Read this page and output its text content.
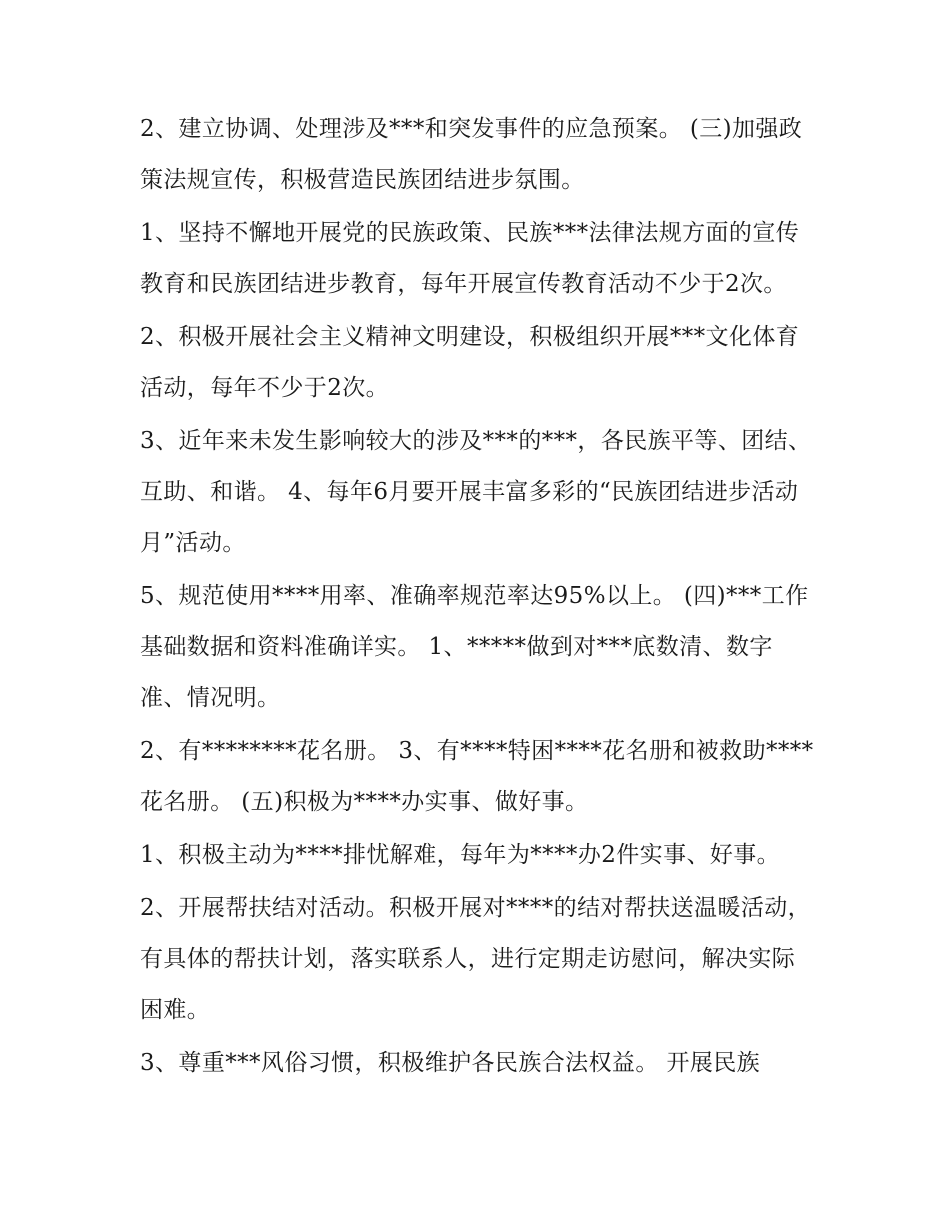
2、建立协调、处理涉及***和突发事件的应急预案。 (三)加强政策法规宣传，积极营造民族团结进步氛围。

1、坚持不懈地开展党的民族政策、民族***法律法规方面的宣传教育和民族团结进步教育，每年开展宣传教育活动不少于2次。

2、积极开展社会主义精神文明建设，积极组织开展***文化体育活动，每年不少于2次。

3、近年来未发生影响较大的涉及***的***，各民族平等、团结、互助、和谐。 4、每年6月要开展丰富多彩的“民族团结进步活动月”活动。

5、规范使用****用率、准确率规范率达95%以上。 (四)***工作基础数据和资料准确详实。 1、*****做到对***底数清、数字准、情况明。

2、有********花名册。 3、有****特困****花名册和被救助****花名册。 (五)积极为****办实事、做好事。

1、积极主动为****排忧解难，每年为****办2件实事、好事。

2、开展帮扶结对活动。积极开展对****的结对帮扶送温暖活动，有具体的帮扶计划，落实联系人，进行定期走访慰问，解决实际困难。

3、尊重***风俗习惯，积极维护各民族合法权益。 开展民族
